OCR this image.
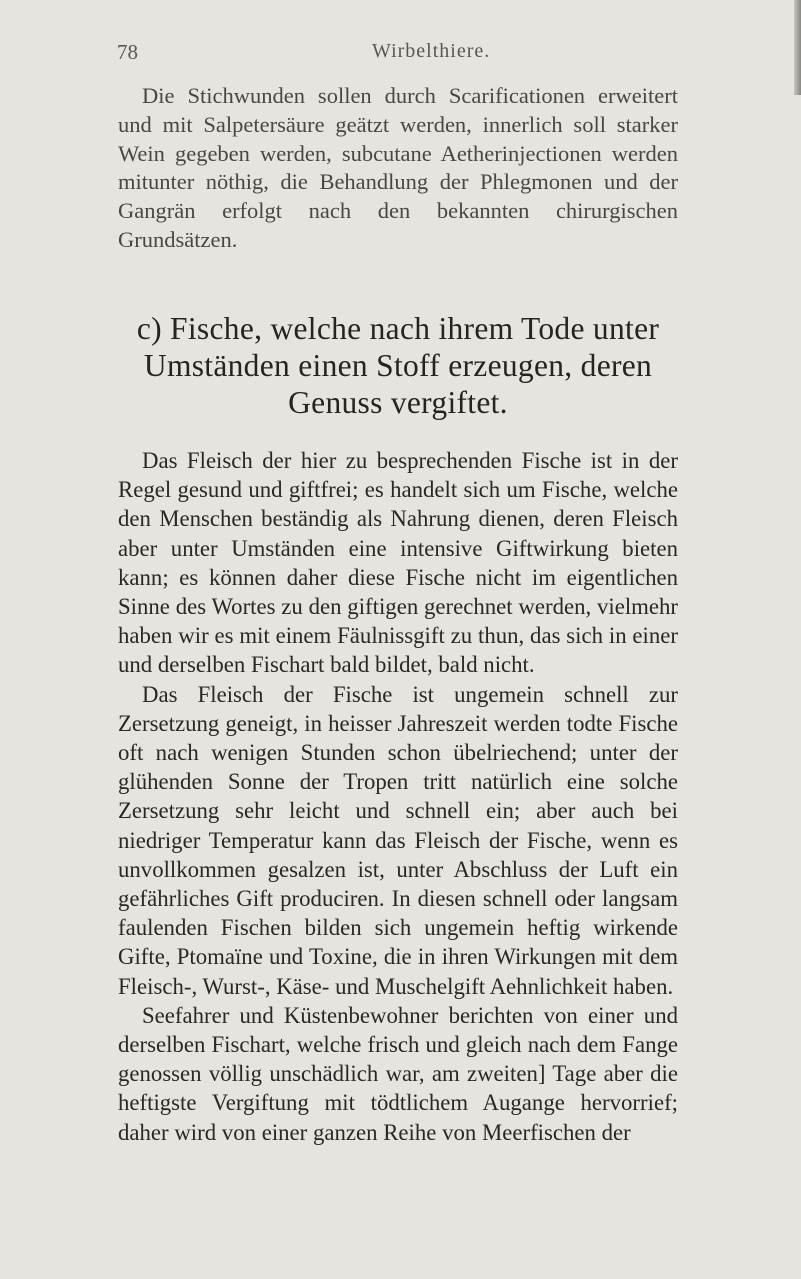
78	Wirbelthiere.

Die Stichwunden sollen durch Scarificationen erweitert und mit Salpetersäure geätzt werden, innerlich soll starker Wein gegeben werden, subcutane Aetherinjectionen werden mitunter nöthig, die Behandlung der Phlegmonen und der Gangrän erfolgt nach den bekannten chirurgischen Grundsätzen.

c) Fische, welche nach ihrem Tode unter Umständen einen Stoff erzeugen, deren Genuss vergiftet.

Das Fleisch der hier zu besprechenden Fische ist in der Regel gesund und giftfrei; es handelt sich um Fische, welche den Menschen beständig als Nahrung dienen, deren Fleisch aber unter Umständen eine intensive Giftwirkung bieten kann; es können daher diese Fische nicht im eigentlichen Sinne des Wortes zu den giftigen gerechnet werden, vielmehr haben wir es mit einem Fäulnissgift zu thun, das sich in einer und derselben Fischart bald bildet, bald nicht.

Das Fleisch der Fische ist ungemein schnell zur Zersetzung geneigt, in heisser Jahreszeit werden todte Fische oft nach wenigen Stunden schon übelriechend; unter der glühenden Sonne der Tropen tritt natürlich eine solche Zersetzung sehr leicht und schnell ein; aber auch bei niedriger Temperatur kann das Fleisch der Fische, wenn es unvollkommen gesalzen ist, unter Abschluss der Luft ein gefährliches Gift produciren. In diesen schnell oder langsam faulenden Fischen bilden sich ungemein heftig wirkende Gifte, Ptomaïne und Toxine, die in ihren Wirkungen mit dem Fleisch-, Wurst-, Käse- und Muschelgift Aehnlichkeit haben.

Seefahrer und Küstenbewohner berichten von einer und derselben Fischart, welche frisch und gleich nach dem Fange genossen völlig unschädlich war, am zweiten] Tage aber die heftigste Vergiftung mit tödtlichem Augange hervorrief; daher wird von einer ganzen Reihe von Meerfischen der
